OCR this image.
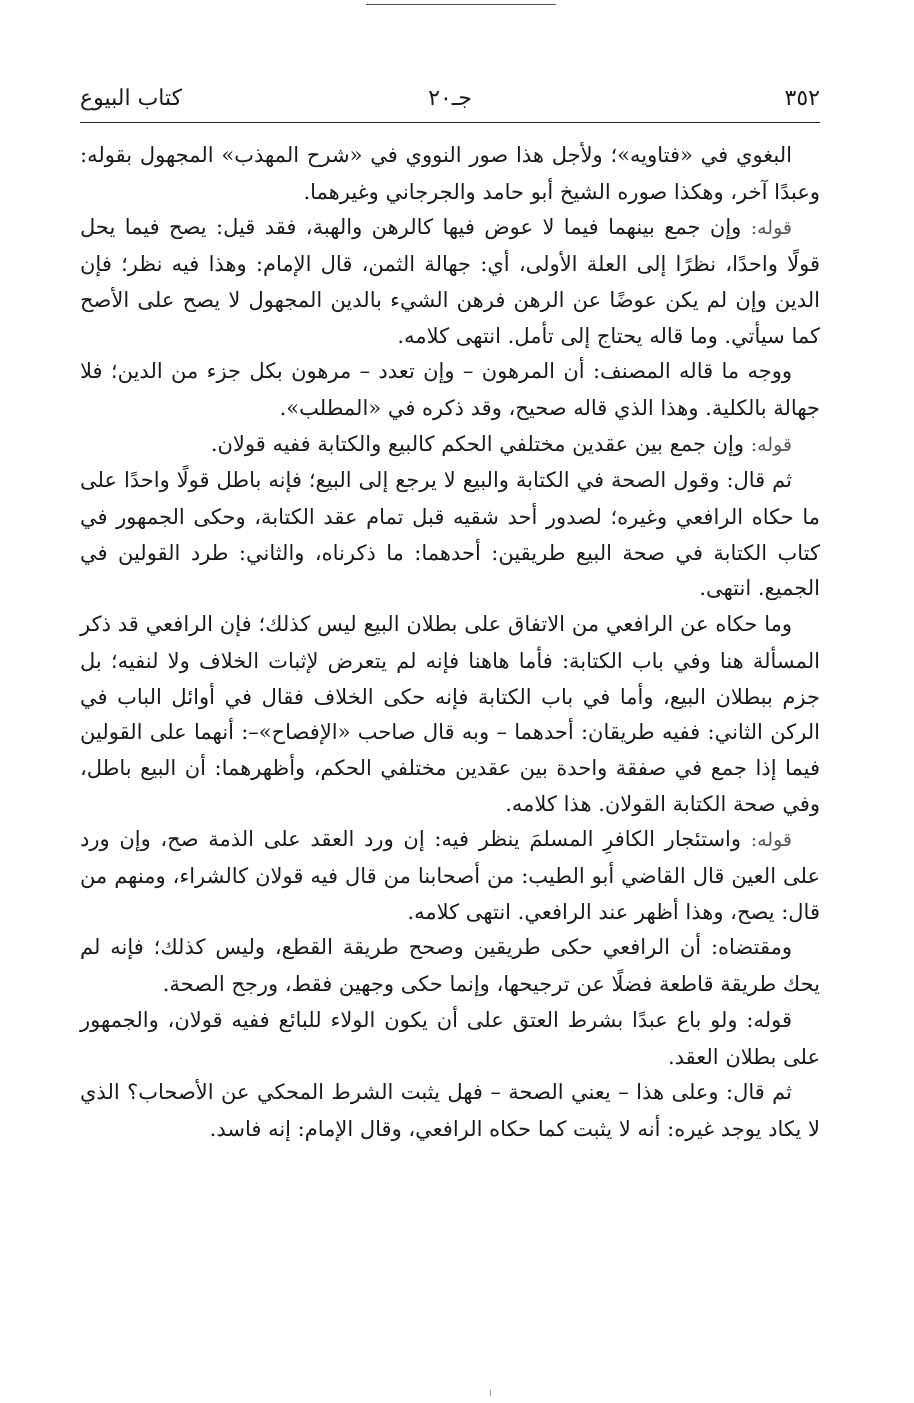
٣٥٢
جـ٢٠
كتاب البيوع

البغوي في «فتاويه»؛ ولأجل هذا صور النووي في «شرح المهذب» المجهول بقوله: وعبدًا آخر، وهكذا صوره الشيخ أبو حامد والجرجاني وغيرهما.

قوله: وإن جمع بينهما فيما لا عوض فيها كالرهن والهبة، فقد قيل: يصح فيما يحل قولًا واحدًا، نظرًا إلى العلة الأولى، أي: جهالة الثمن، قال الإمام: وهذا فيه نظر؛ فإن الدين وإن لم يكن عوضًا عن الرهن فرهن الشيء بالدين المجهول لا يصح على الأصح كما سيأتي. وما قاله يحتاج إلى تأمل. انتهى كلامه.

ووجه ما قاله المصنف: أن المرهون – وإن تعدد – مرهون بكل جزء من الدين؛ فلا جهالة بالكلية. وهذا الذي قاله صحيح، وقد ذكره في «المطلب».

قوله: وإن جمع بين عقدين مختلفي الحكم كالبيع والكتابة ففيه قولان.

ثم قال: وقول الصحة في الكتابة والبيع لا يرجع إلى البيع؛ فإنه باطل قولًا واحدًا على ما حكاه الرافعي وغيره؛ لصدور أحد شقيه قبل تمام عقد الكتابة، وحكى الجمهور في كتاب الكتابة في صحة البيع طريقين: أحدهما: ما ذكرناه، والثاني: طرد القولين في الجميع. انتهى.

وما حكاه عن الرافعي من الاتفاق على بطلان البيع ليس كذلك؛ فإن الرافعي قد ذكر المسألة هنا وفي باب الكتابة: فأما هاهنا فإنه لم يتعرض لإثبات الخلاف ولا لنفيه؛ بل جزم ببطلان البيع، وأما في باب الكتابة فإنه حكى الخلاف فقال في أوائل الباب في الركن الثاني: ففيه طريقان: أحدهما – وبه قال صاحب «الإفصاح»–: أنهما على القولين فيما إذا جمع في صفقة واحدة بين عقدين مختلفي الحكم، وأظهرهما: أن البيع باطل، وفي صحة الكتابة القولان. هذا كلامه.

قوله: واستئجار الكافرِ المسلمَ ينظر فيه: إن ورد العقد على الذمة صح، وإن ورد على العين قال القاضي أبو الطيب: من أصحابنا من قال فيه قولان كالشراء، ومنهم من قال: يصح، وهذا أظهر عند الرافعي. انتهى كلامه.

ومقتضاه: أن الرافعي حكى طريقين وصحح طريقة القطع، وليس كذلك؛ فإنه لم يحك طريقة قاطعة فضلًا عن ترجيحها، وإنما حكى وجهين فقط، ورجح الصحة.

قوله: ولو باع عبدًا بشرط العتق على أن يكون الولاء للبائع ففيه قولان، والجمهور على بطلان العقد.

ثم قال: وعلى هذا – يعني الصحة – فهل يثبت الشرط المحكي عن الأصحاب؟ الذي لا يكاد يوجد غيره: أنه لا يثبت كما حكاه الرافعي، وقال الإمام: إنه فاسد.
